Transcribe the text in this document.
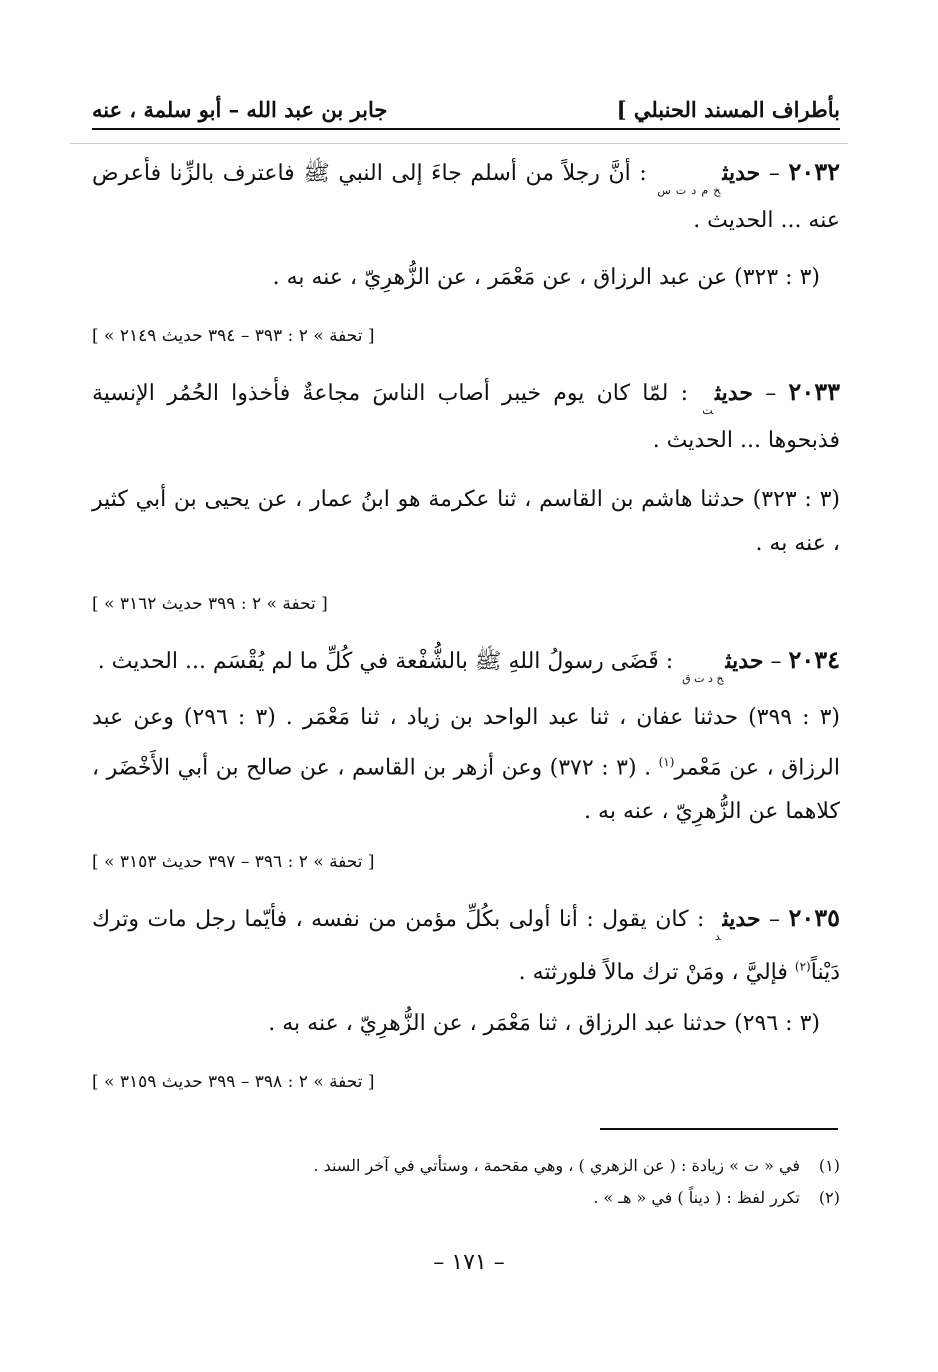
بأطراف المسند الحنبلي ]
جابر بن عبد الله – أبو سلمة ، عنه
٢٠٣٢ – حديث$_{خ م د ت س}$ : أنَّ رجلاً من أسلم جاءَ إلى النبي ﷺ فاعترف بالزِّنا فأعرض عنه ... الحديث .
(٣ : ٣٢٣) عن عبد الرزاق ، عن مَعْمَر ، عن الزُّهرِيّ ، عنه به .
[ « تحفة » ٢ : ٣٩٣ – ٣٩٤ حديث ٢١٤٩ ]
٢٠٣٣ – حديث$_ت$ : لمّا كان يوم خيبر أصاب الناسَ مجاعةٌ فأخذوا الحُمُر الإنسية فذبحوها ... الحديث .
(٣ : ٣٢٣) حدثنا هاشم بن القاسم ، ثنا عكرمة هو ابنُ عمار ، عن يحيى بن أبي كثير ، عنه به .
[ « تحفة » ٢ : ٣٩٩ حديث ٣١٦٢ ]
٢٠٣٤ – حديث$_{خ د ت ق}$ : قَضَى رسولُ اللهِ ﷺ بالشُّفْعة في كُلِّ ما لم يُقْسَم ... الحديث .
(٣ : ٣٩٩) حدثنا عفان ، ثنا عبد الواحد بن زياد ، ثنا مَعْمَر . (٣ : ٢٩٦) وعن عبد الرزاق ، عن مَعْمر$^{(١)}$ . (٣ : ٣٧٢) وعن أزهر بن القاسم ، عن صالح بن أبي الأَخْضَر ، كلاهما عن الزُّهرِيّ ، عنه به .
[ « تحفة » ٢ : ٣٩٦ – ٣٩٧ حديث ٣١٥٣ ]
٢٠٣٥ – حديث$_د$ : كان يقول : أنا أولى بكُلِّ مؤمن من نفسه ، فأيّما رجل مات وترك دَيْناً$^{(٢)}$ فإليَّ ، ومَنْ ترك مالاً فلورثته .
(٣ : ٢٩٦) حدثنا عبد الرزاق ، ثنا مَعْمَر ، عن الزُّهرِيّ ، عنه به .
[ « تحفة » ٢ : ٣٩٨ – ٣٩٩ حديث ٣١٥٩ ]
(١)في « ت » زيادة : ( عن الزهري ) ، وهي مقحمة ، وستأتي في آخر السند .
(٢)تكرر لفظ : ( ديناً ) في « هـ » .
– ١٧١ –
